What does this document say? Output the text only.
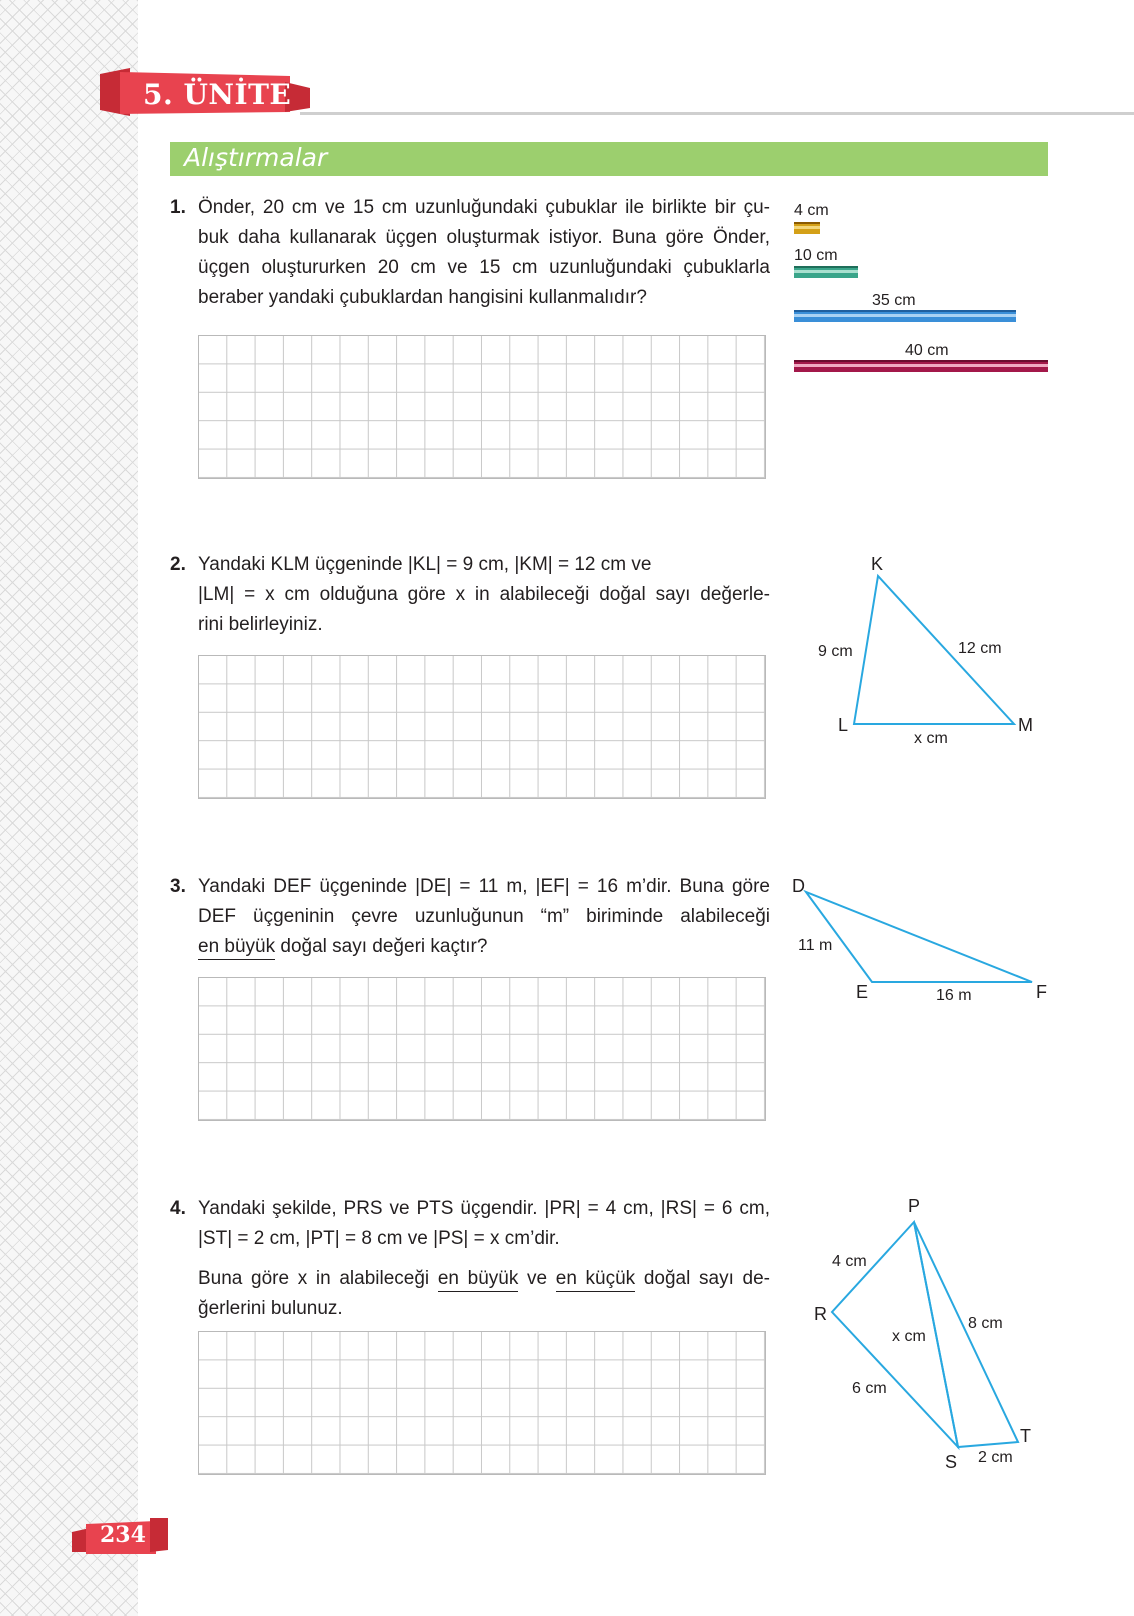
5. ÜNİTE
Alıştırmalar
1. Önder, 20 cm ve 15 cm uzunluğundaki çubuklar ile birlikte bir çu-

buk daha kullanarak üçgen oluşturmak istiyor. Buna göre Önder,

üçgen oluştururken 20 cm ve 15 cm uzunluğundaki çubuklarla

beraber yandaki çubuklardan hangisini kullanmalıdır?

4 cm
10 cm
35 cm
40 cm
2. Yandaki KLM üçgeninde |KL| = 9 cm, |KM| = 12 cm ve

|LM| = x cm olduğuna göre x in alabileceği doğal sayı değerle-

rini belirleyiniz.

K
L	M
9 cm	12 cm
x cm
3. Yandaki DEF üçgeninde |DE| = 11 m, |EF| = 16 m’dir. Buna göre

DEF üçgeninin çevre uzunluğunun “m” biriminde alabileceği

en büyük doğal sayı değeri kaçtır?

D
E	F
11 m
16 m
4. Yandaki şekilde, PRS ve PTS üçgendir. |PR| = 4 cm, |RS| = 6 cm,

|ST| = 2 cm, |PT| = 8 cm ve |PS| = x cm’dir.

Buna göre x in alabileceği en büyük ve en küçük doğal sayı de-

ğerlerini bulunuz.

P
R
S
T
4 cm
6 cm
x cm
8 cm
2 cm
234
